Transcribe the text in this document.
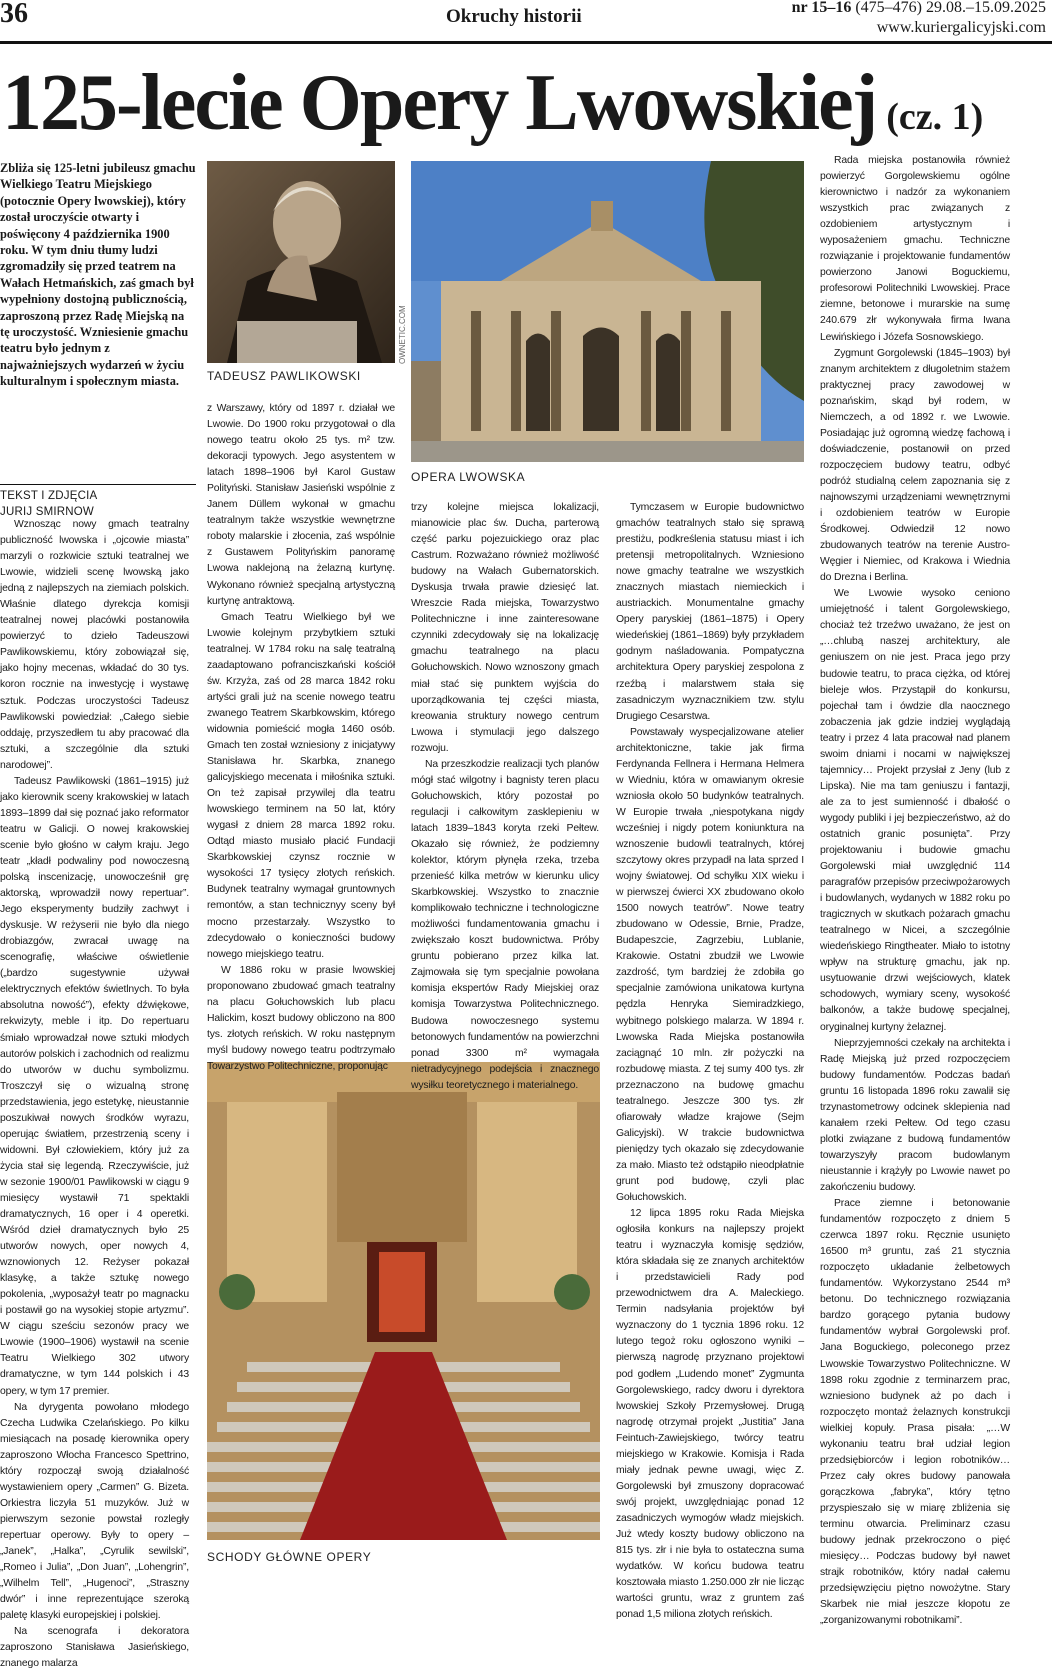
36	Okruchy historii	nr 15–16 (475–476) 29.08.–15.09.2025
www.kuriergalicyjski.com
125-lecie Opery Lwowskiej (cz. 1)
Zbliża się 125-letni jubileusz gmachu Wielkiego Teatru Miejskiego (potocznie Opery lwowskiej), który został uroczyście otwarty i poświęcony 4 października 1900 roku. W tym dniu tłumy ludzi zgromadziły się przed teatrem na Wałach Hetmańskich, zaś gmach był wypełniony dostojną publicznością, zaproszoną przez Radę Miejską na tę uroczystość. Wzniesienie gmachu teatru było jednym z najważniejszych wydarzeń w życiu kulturalnym i społecznym miasta.
TEKST I ZDJĘCIA
JURIJ SMIRNOW
OWNETIC.COM
TADEUSZ PAWLIKOWSKI
OPERA LWOWSKA
SCHODY GŁÓWNE OPERY

Wznosząc nowy gmach teatralny publiczność lwowska i „ojcowie miasta” marzyli o rozkwicie sztuki teatralnej we Lwowie, widzieli scenę lwowską jako jedną z najlepszych na ziemiach polskich. Właśnie dlatego dyrekcja komisji teatralnej nowej placówki postanowiła powierzyć to dzieło Tadeuszowi Pawlikowskiemu, który zobowiązał się, jako hojny mecenas, wkładać do 30 tys. koron rocznie na inwestycję i wystawę sztuk. Podczas uroczystości Tadeusz Pawlikowski powiedział: „Całego siebie oddaję, przyszedłem tu aby pracować dla sztuki, a szczególnie dla sztuki narodowej”.

Tadeusz Pawlikowski (1861–1915) już jako kierownik sceny krakowskiej w latach 1893–1899 dał się poznać jako reformator teatru w Galicji. O nowej krakowskiej scenie było głośno w całym kraju. Jego teatr „kładł podwaliny pod nowoczesną polską inscenizację, unowocześnił grę aktorską, wprowadził nowy repertuar”. Jego eksperymenty budziły zachwyt i dyskusje. W reżyserii nie było dla niego drobiazgów, zwracał uwagę na scenografię, właściwe oświetlenie („bardzo sugestywnie używał elektrycznych efektów świetlnych. To była absolutna nowość”), efekty dźwiękowe, rekwizyty, meble i itp. Do repertuaru śmiało wprowadzał nowe sztuki młodych autorów polskich i zachodnich od realizmu do utworów w duchu symbolizmu. Troszczył się o wizualną stronę przedstawienia, jego estetykę, nieustannie poszukiwał nowych środków wyrazu, operując światłem, przestrzenią sceny i widowni. Był człowiekiem, który już za życia stał się legendą. Rzeczywiście, już w sezonie 1900/01 Pawlikowski w ciągu 9 miesięcy wystawił 71 spektakli dramatycznych, 16 oper i 4 operetki. Wśród dzieł dramatycznych było 25 utworów nowych, oper nowych 4, wznowionych 12. Reżyser pokazał klasykę, a także sztukę nowego pokolenia, „wyposażył teatr po magnacku i postawił go na wysokiej stopie artyzmu”. W ciągu sześciu sezonów pracy we Lwowie (1900–1906) wystawił na scenie Teatru Wielkiego 302 utwory dramatyczne, w tym 144 polskich i 43 opery, w tym 17 premier.

Na dyrygenta powołano młodego Czecha Ludwika Czelańskiego. Po kilku miesiącach na posadę kierownika opery zaproszono Włocha Francesco Spettrino, który rozpoczął swoją działalność wystawieniem opery „Carmen” G. Bizeta. Orkiestra liczyła 51 muzyków. Już w pierwszym sezonie powstał rozległy repertuar operowy. Były to opery – „Janek”, „Halka”, „Cyrulik sewilski”, „Romeo i Julia”, „Don Juan”, „Lohengrin”, „Wilhelm Tell”, „Hugenoci”, „Straszny dwór” i inne reprezentujące szeroką paletę klasyki europejskiej i polskiej.

Na scenografa i dekoratora zaproszono Stanisława Jasieńskiego, znanego malarza

z Warszawy, który od 1897 r. działał we Lwowie. Do 1900 roku przygotował o dla nowego teatru około 25 tys. m² tzw. dekoracji typowych. Jego asystentem w latach 1898–1906 był Karol Gustaw Polityński. Stanisław Jasieński wspólnie z Janem Düllem wykonał w gmachu teatralnym także wszystkie wewnętrzne roboty malarskie i złocenia, zaś wspólnie z Gustawem Polityńskim panoramę Lwowa naklejoną na żelazną kurtynę. Wykonano również specjalną artystyczną kurtynę antraktową.

Gmach Teatru Wielkiego był we Lwowie kolejnym przybytkiem sztuki teatralnej. W 1784 roku na salę teatralną zaadaptowano pofranciszkański kościół św. Krzyża, zaś od 28 marca 1842 roku artyści grali już na scenie nowego teatru zwanego Teatrem Skarbkowskim, którego widownia pomieścić mogła 1460 osób. Gmach ten został wzniesiony z inicjatywy Stanisława hr. Skarbka, znanego galicyjskiego mecenata i miłośnika sztuki. On też zapisał przywilej dla teatru lwowskiego terminem na 50 lat, który wygasł z dniem 28 marca 1892 roku. Odtąd miasto musiało płacić Fundacji Skarbkowskiej czynsz rocznie w wysokości 17 tysięcy złotych reńskich. Budynek teatralny wymagał gruntownych remontów, a stan technicznyy sceny był mocno przestarzały. Wszystko to zdecydowało o konieczności budowy nowego miejskiego teatru.

W 1886 roku w prasie lwowskiej proponowano zbudować gmach teatralny na placu Gołuchowskich lub placu Halickim, koszt budowy obliczono na 800 tys. złotych reńskich. W roku następnym myśl budowy nowego teatru podtrzymało Towarzystwo Politechniczne, proponując

trzy kolejne miejsca lokalizacji, mianowicie plac św. Ducha, parterową część parku pojezuickiego oraz plac Castrum. Rozważano również możliwość budowy na Wałach Gubernatorskich. Dyskusja trwała prawie dziesięć lat. Wreszcie Rada miejska, Towarzystwo Politechniczne i inne zainteresowane czynniki zdecydowały się na lokalizację gmachu teatralnego na placu Gołuchowskich. Nowo wznoszony gmach miał stać się punktem wyjścia do uporządkowania tej części miasta, kreowania struktury nowego centrum Lwowa i stymulacji jego dalszego rozwoju.

Na przeszkodzie realizacji tych planów mógł stać wilgotny i bagnisty teren placu Gołuchowskich, który pozostał po regulacji i całkowitym zasklepieniu w latach 1839–1843 koryta rzeki Pełtew. Okazało się również, że podziemny kolektor, którym płynęła rzeka, trzeba przenieść kilka metrów w kierunku ulicy Skarbkowskiej. Wszystko to znacznie komplikowało techniczne i technologiczne możliwości fundamentowania gmachu i zwiększało koszt budownictwa. Próby gruntu pobierano przez kilka lat. Zajmowała się tym specjalnie powołana komisja ekspertów Rady Miejskiej oraz komisja Towarzystwa Politechnicznego. Budowa nowoczesnego systemu betonowych fundamentów na powierzchni ponad 3300 m² wymagała nietradycyjnego podejścia i znacznego wysiłku teoretycznego i materialnego.

Tymczasem w Europie budownictwo gmachów teatralnych stało się sprawą prestiżu, podkreślenia statusu miast i ich pretensji metropolitalnych. Wzniesiono nowe gmachy teatralne we wszystkich znacznych miastach niemieckich i austriackich. Monumentalne gmachy Opery paryskiej (1861–1875) i Opery wiedeńskiej (1861–1869) były przykładem godnym naśladowania. Pompatyczna architektura Opery paryskiej zespolona z rzeźbą i malarstwem stała się zasadniczym wyznacznikiem tzw. stylu Drugiego Cesarstwa.

Powstawały wyspecjalizowane atelier architektoniczne, takie jak firma Ferdynanda Fellnera i Hermana Helmera w Wiedniu, która w omawianym okresie wzniosła około 50 budynków teatralnych. W Europie trwała „niespotykana nigdy wcześniej i nigdy potem koniunktura na wznoszenie budowli teatralnych, której szczytowy okres przypadł na lata sprzed I wojny światowej. Od schyłku XIX wieku i w pierwszej ćwierci XX zbudowano około 1500 nowych teatrów”. Nowe teatry zbudowano w Odessie, Brnie, Pradze, Budapeszcie, Zagrzebiu, Lublanie, Krakowie. Ostatni zbudził we Lwowie zazdrość, tym bardziej że zdobiła go specjalnie zamówiona unikatowa kurtyna pędzla Henryka Siemiradzkiego, wybitnego polskiego malarza. W 1894 r. Lwowska Rada Miejska postanowiła zaciągnąć 10 mln. złr pożyczki na rozbudowę miasta. Z tej sumy 400 tys. złr przeznaczono na budowę gmachu teatralnego. Jeszcze 300 tys. złr ofiarowały władze krajowe (Sejm Galicyjski). W trakcie budownictwa pieniędzy tych okazało się zdecydowanie za mało. Miasto też odstąpiło nieodpłatnie grunt pod budowę, czyli plac Gołuchowskich.

12 lipca 1895 roku Rada Miejska ogłosiła konkurs na najlepszy projekt teatru i wyznaczyła komisję sędziów, która składała się ze znanych architektów i przedstawicieli Rady pod przewodnictwem dra A. Maleckiego. Termin nadsyłania projektów był wyznaczony do 1 tycznia 1896 roku. 12 lutego tegoż roku ogłoszono wyniki – pierwszą nagrodę przyznano projektowi pod godłem „Ludendo monet” Zygmunta Gorgolewskiego, radcy dworu i dyrektora lwowskiej Szkoły Przemysłowej. Drugą nagrodę otrzymał projekt „Justitia” Jana Feintuch-Zawiejskiego, twórcy teatru miejskiego w Krakowie. Komisja i Rada miały jednak pewne uwagi, więc Z. Gorgolewski był zmuszony dopracować swój projekt, uwzględniając ponad 12 zasadniczych wymogów władz miejskich. Już wtedy koszty budowy obliczono na 815 tys. złr i nie była to ostateczna suma wydatków. W końcu budowa teatru kosztowała miasto 1.250.000 złr nie licząc wartości gruntu, wraz z gruntem zaś ponad 1,5 miliona złotych reńskich.

Rada miejska postanowiła również powierzyć Gorgolewskiemu ogólne kierownictwo i nadzór za wykonaniem wszystkich prac związanych z ozdobieniem artystycznym i wyposażeniem gmachu. Techniczne rozwiązanie i projektowanie fundamentów powierzono Janowi Boguckiemu, profesorowi Politechniki Lwowskiej. Prace ziemne, betonowe i murarskie na sumę 240.679 złr wykonywała firma Iwana Lewińskiego i Józefa Sosnowskiego.

Zygmunt Gorgolewski (1845–1903) był znanym architektem z długoletnim stażem praktycznej pracy zawodowej w poznańskim, skąd był rodem, w Niemczech, a od 1892 r. we Lwowie. Posiadając już ogromną wiedzę fachową i doświadczenie, postanowił on przed rozpoczęciem budowy teatru, odbyć podróż studialną celem zapoznania się z najnowszymi urządzeniami wewnętrznymi i ozdobieniem teatrów w Europie Środkowej. Odwiedził 12 nowo zbudowanych teatrów na terenie Austro-Węgier i Niemiec, od Krakowa i Wiednia do Drezna i Berlina.

We Lwowie wysoko ceniono umiejętność i talent Gorgolewskiego, chociaż też trzeźwo uważano, że jest on „…chlubą naszej architektury, ale geniuszem on nie jest. Praca jego przy budowie teatru, to praca ciężka, od której bieleje włos. Przystąpił do konkursu, pojechał tam i ówdzie dla naocznego zobaczenia jak gdzie indziej wyglądają teatry i przez 4 lata pracował nad planem swoim dniami i nocami w największej tajemnicy… Projekt przysłał z Jeny (lub z Lipska). Nie ma tam geniuszu i fantazji, ale za to jest sumienność i dbałość o wygody publiki i jej bezpieczeństwo, aż do ostatnich granic posunięta”. Przy projektowaniu i budowie gmachu Gorgolewski miał uwzględnić 114 paragrafów przepisów przeciwpożarowych i budowlanych, wydanych w 1882 roku po tragicznych w skutkach pożarach gmachu teatralnego w Nicei, a szczególnie wiedeńskiego Ringtheater. Miało to istotny wpływ na strukturę gmachu, jak np. usytuowanie drzwi wejściowych, klatek schodowych, wymiary sceny, wysokość balkonów, a także budowę specjalnej, oryginalnej kurtyny żelaznej.

Nieprzyjemności czekały na architekta i Radę Miejską już przed rozpoczęciem budowy fundamentów. Podczas badań gruntu 16 listopada 1896 roku zawalił się trzynastometrowy odcinek sklepienia nad kanałem rzeki Pełtew. Od tego czasu plotki związane z budową fundamentów towarzyszyły pracom budowlanym nieustannie i krążyły po Lwowie nawet po zakończeniu budowy.

Prace ziemne i betonowanie fundamentów rozpoczęto z dniem 5 czerwca 1897 roku. Ręcznie usunięto 16500 m³ gruntu, zaś 21 stycznia rozpoczęto układanie żelbetowych fundamentów. Wykorzystano 2544 m³ betonu. Do technicznego rozwiązania bardzo gorącego pytania budowy fundamentów wybrał Gorgolewski prof. Jana Boguckiego, poleconego przez Lwowskie Towarzystwo Politechniczne. W 1898 roku zgodnie z terminarzem prac, wzniesiono budynek aż po dach i rozpoczęto montaż żelaznych konstrukcji wielkiej kopuły. Prasa pisała: „…W wykonaniu teatru brał udział legion przedsiębiorców i legion robotników… Przez cały okres budowy panowała gorączkowa „fabryka”, który tętno przyspieszało się w miarę zbliżenia się terminu otwarcia. Preliminarz czasu budowy jednak przekroczono o pięć miesięcy… Podczas budowy był nawet strajk robotników, który nadał całemu przedsięwzięciu piętno nowożytne. Stary Skarbek nie miał jeszcze kłopotu ze „zorganizowanymi robotnikami”.
